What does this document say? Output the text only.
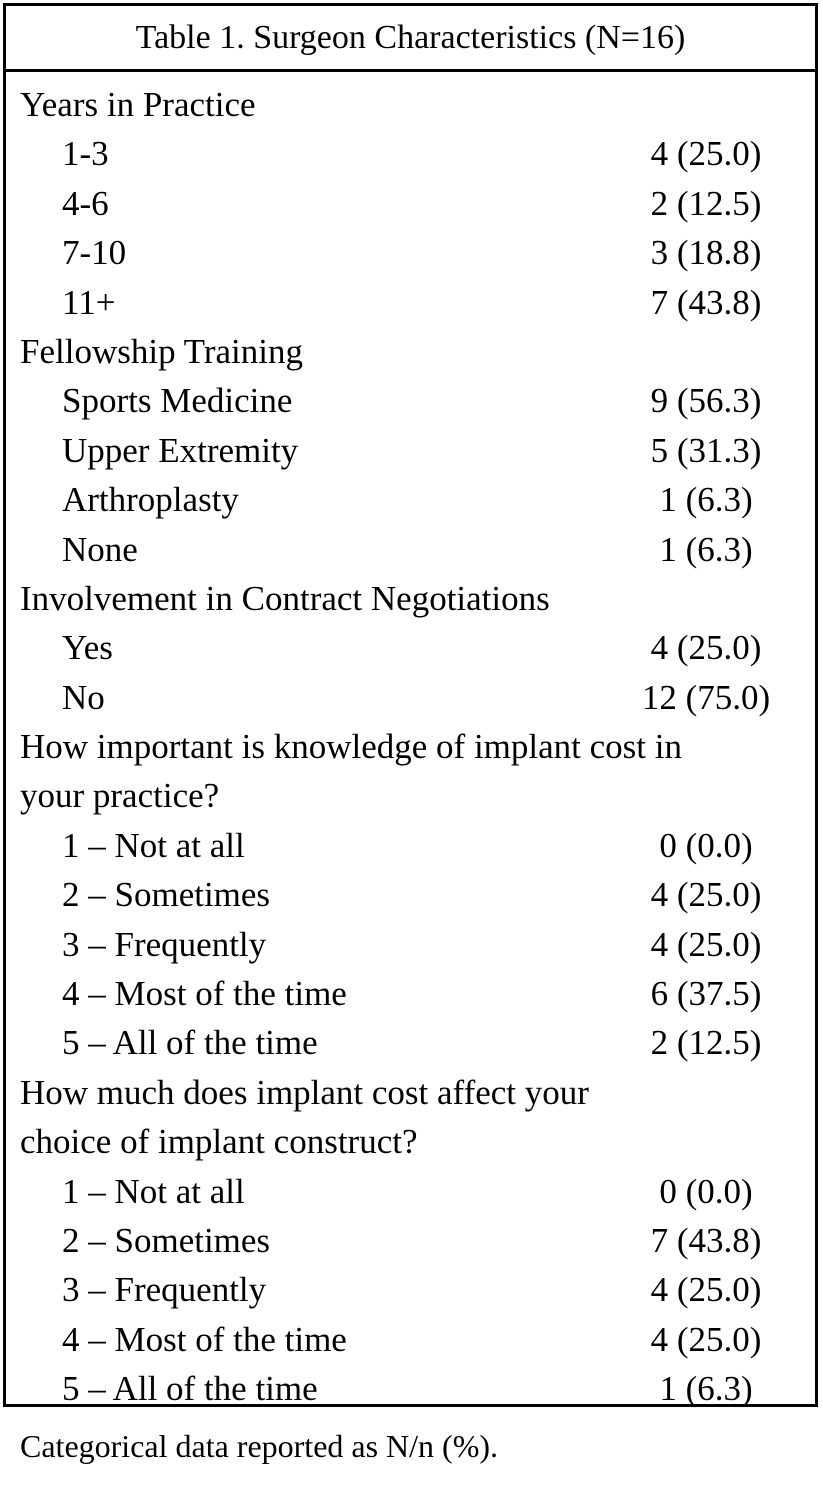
Table 1. Surgeon Characteristics (N=16)
Years in Practice
1-3	4 (25.0)
4-6	2 (12.5)
7-10	3 (18.8)
11+	7 (43.8)
Fellowship Training
Sports Medicine	9 (56.3)
Upper Extremity	5 (31.3)
Arthroplasty	1 (6.3)
None	1 (6.3)
Involvement in Contract Negotiations
Yes	4 (25.0)
No	12 (75.0)
How important is knowledge of implant cost in
your practice?
1 – Not at all	0 (0.0)
2 – Sometimes	4 (25.0)
3 – Frequently	4 (25.0)
4 – Most of the time	6 (37.5)
5 – All of the time	2 (12.5)
How much does implant cost affect your
choice of implant construct?
1 – Not at all	0 (0.0)
2 – Sometimes	7 (43.8)
3 – Frequently	4 (25.0)
4 – Most of the time	4 (25.0)
5 – All of the time	1 (6.3)
Categorical data reported as N/n (%).
